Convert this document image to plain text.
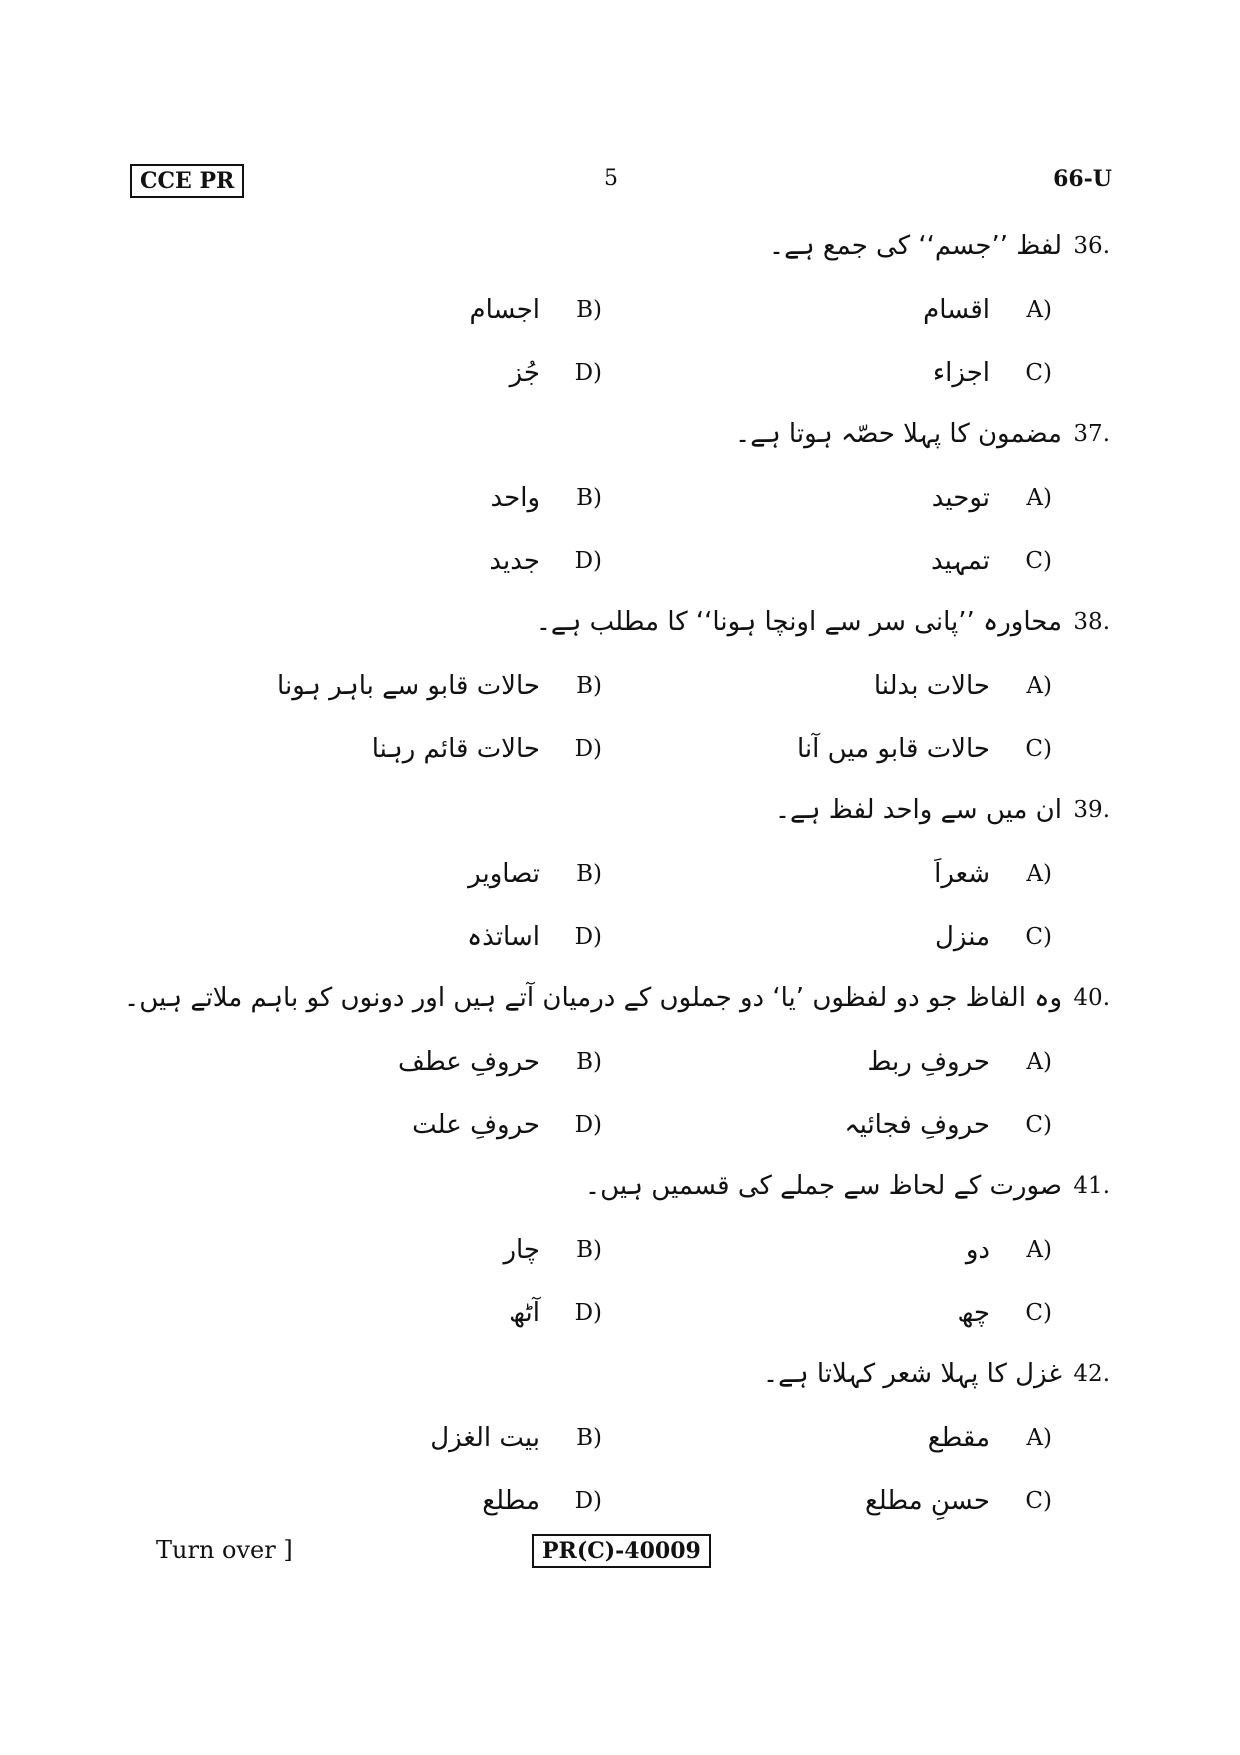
CCE PR	5	66-U
36.
لفظ ’’جسم‘‘ کی جمع ہے۔
A)
اقسام
B)
اجسام
C)
اجزاء
D)
جُز
37.
مضمون کا پہلا حصّہ ہوتا ہے۔
A)
توحید
B)
واحد
C)
تمہید
D)
جدید
38.
محاورہ ’’پانی سر سے اونچا ہونا‘‘ کا مطلب ہے۔
A)
حالات بدلنا
B)
حالات قابو سے باہر ہونا
C)
حالات قابو میں آنا
D)
حالات قائم رہنا
39.
ان میں سے واحد لفظ ہے۔
A)
شعراَ
B)
تصاویر
C)
منزل
D)
اساتذہ
40.
وہ الفاظ جو دو لفظوں ’یا‘ دو جملوں کے درمیان آتے ہیں اور دونوں کو باہم ملاتے ہیں۔
A)
حروفِ ربط
B)
حروفِ عطف
C)
حروفِ فجائیہ
D)
حروفِ علت
41.
صورت کے لحاظ سے جملے کی قسمیں ہیں۔
A)
دو
B)
چار
C)
چھ
D)
آٹھ
42.
غزل کا پہلا شعر کہلاتا ہے۔
A)
مقطع
B)
بیت الغزل
C)
حسنِ مطلع
D)
مطلع
Turn over ]	PR(C)-40009
